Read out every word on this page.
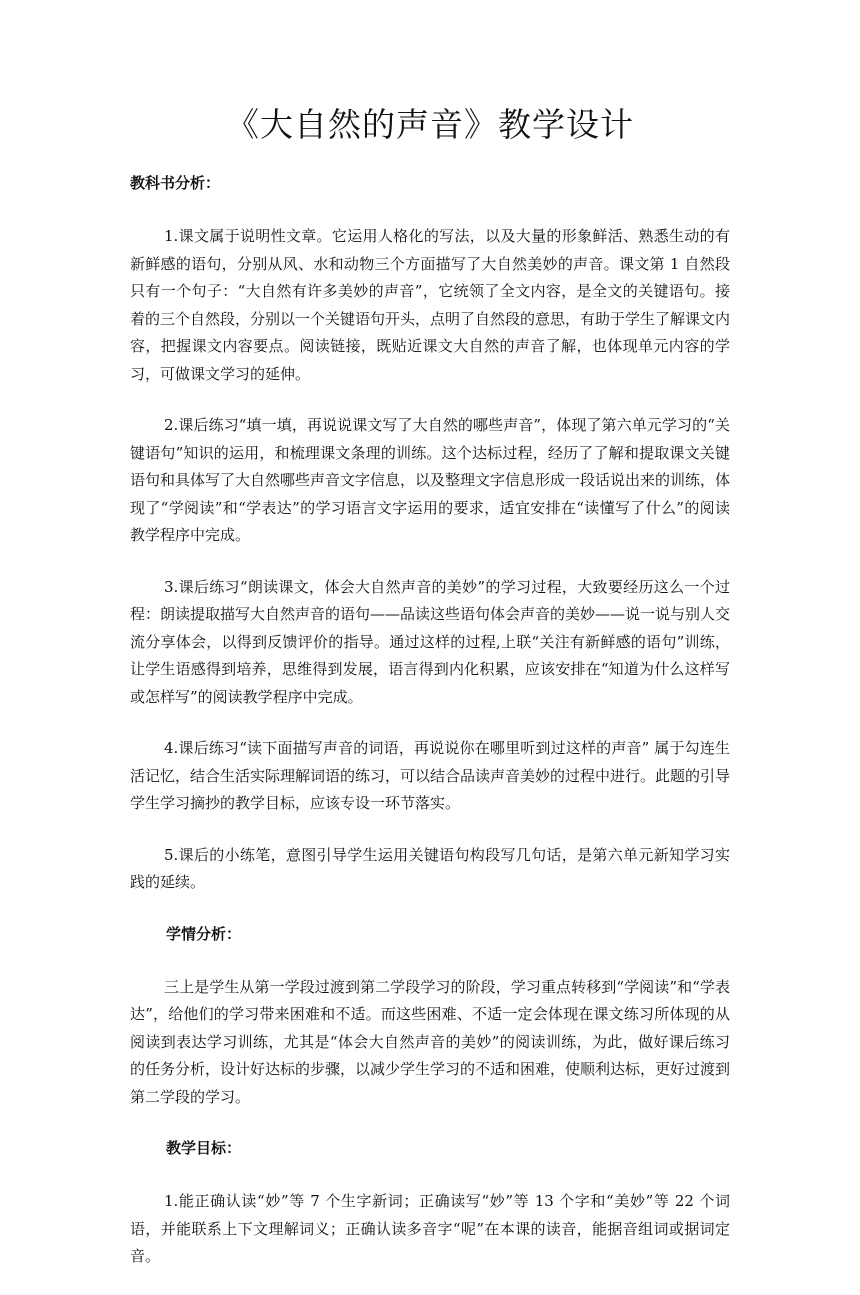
《大自然的声音》教学设计

教科书分析：

1.课文属于说明性文章。它运用人格化的写法，以及大量的形象鲜活、熟悉生动的有新鲜感的语句，分别从风、水和动物三个方面描写了大自然美妙的声音。课文第 1 自然段只有一个句子：“大自然有许多美妙的声音”，它统领了全文内容，是全文的关键语句。接着的三个自然段，分别以一个关键语句开头，点明了自然段的意思，有助于学生了解课文内容，把握课文内容要点。阅读链接，既贴近课文大自然的声音了解，也体现单元内容的学习，可做课文学习的延伸。

2.课后练习“填一填，再说说课文写了大自然的哪些声音”，体现了第六单元学习的“关键语句”知识的运用，和梳理课文条理的训练。这个达标过程，经历了了解和提取课文关键语句和具体写了大自然哪些声音文字信息，以及整理文字信息形成一段话说出来的训练，体现了“学阅读”和“学表达”的学习语言文字运用的要求，适宜安排在“读懂写了什么”的阅读教学程序中完成。

3.课后练习“朗读课文，体会大自然声音的美妙”的学习过程，大致要经历这么一个过程：朗读提取描写大自然声音的语句——品读这些语句体会声音的美妙——说一说与别人交流分享体会，以得到反馈评价的指导。通过这样的过程,上联“关注有新鲜感的语句”训练，让学生语感得到培养，思维得到发展，语言得到内化积累，应该安排在“知道为什么这样写或怎样写”的阅读教学程序中完成。

4.课后练习“读下面描写声音的词语，再说说你在哪里听到过这样的声音” 属于勾连生活记忆，结合生活实际理解词语的练习，可以结合品读声音美妙的过程中进行。此题的引导学生学习摘抄的教学目标，应该专设一环节落实。

5.课后的小练笔，意图引导学生运用关键语句构段写几句话，是第六单元新知学习实践的延续。

学情分析：

三上是学生从第一学段过渡到第二学段学习的阶段，学习重点转移到“学阅读”和“学表达”，给他们的学习带来困难和不适。而这些困难、不适一定会体现在课文练习所体现的从阅读到表达学习训练，尤其是“体会大自然声音的美妙”的阅读训练，为此，做好课后练习的任务分析，设计好达标的步骤，以减少学生学习的不适和困难，使顺利达标，更好过渡到第二学段的学习。

教学目标：

1.能正确认读“妙”等 7 个生字新词；正确读写“妙”等 13 个字和“美妙”等 22 个词语，并能联系上下文理解词义；正确认读多音字“呢”在本课的读音，能据音组词或据词定音。
